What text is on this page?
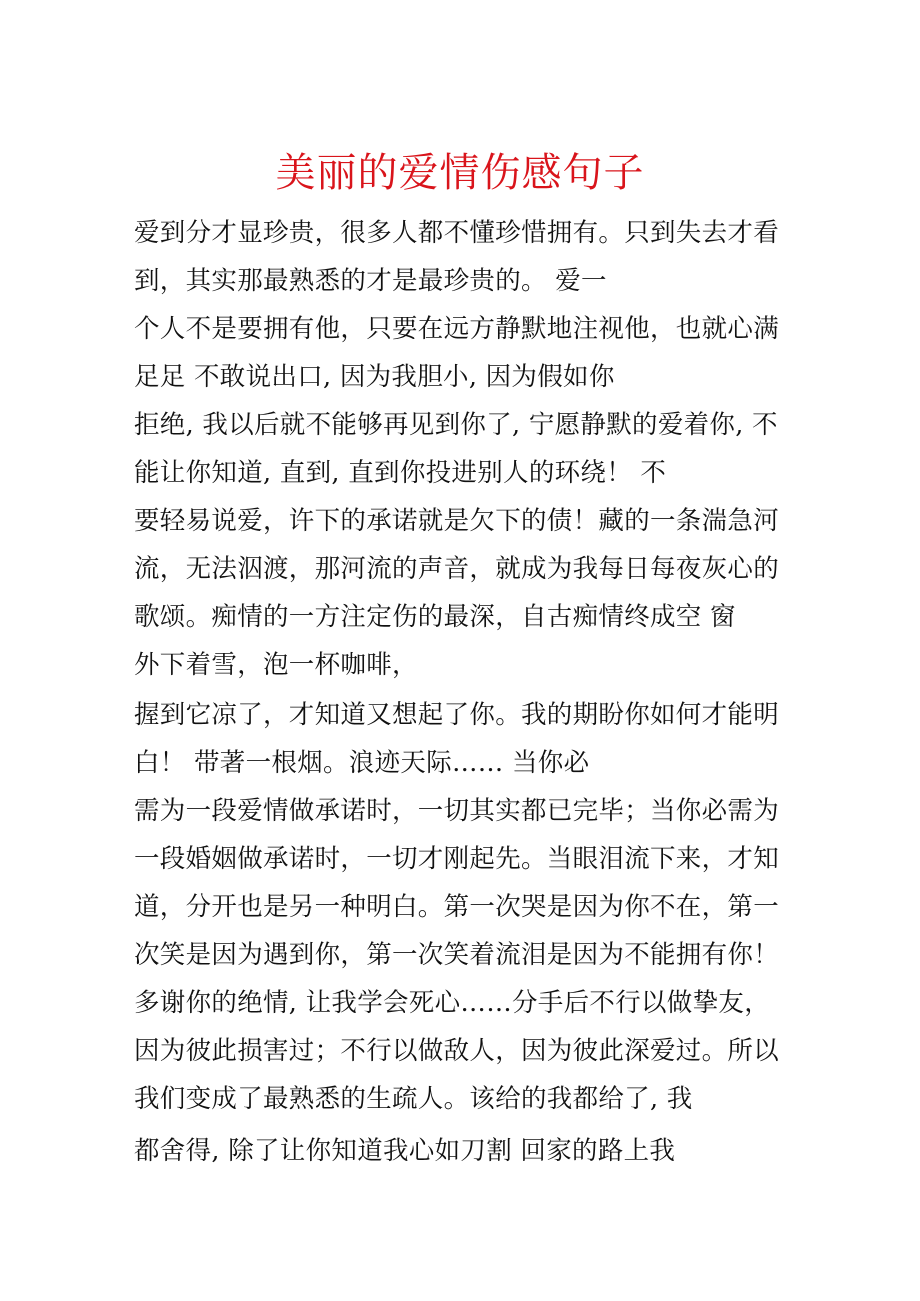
美丽的爱情伤感句子
爱到分才显珍贵，很多人都不懂珍惜拥有。只到失去才看
到，其实那最熟悉的才是最珍贵的。 爱一
个人不是要拥有他，只要在远方静默地注视他，也就心满
足足 不敢说出口, 因为我胆小, 因为假如你
拒绝, 我以后就不能够再见到你了, 宁愿静默的爱着你, 不
能让你知道, 直到, 直到你投进别人的环绕！ 不
要轻易说爱，许下的承诺就是欠下的债！藏的一条湍急河
流，无法泅渡，那河流的声音，就成为我每日每夜灰心的
歌颂。痴情的一方注定伤的最深，自古痴情终成空 窗
外下着雪，泡一杯咖啡，
握到它凉了，才知道又想起了你。我的期盼你如何才能明
白！ 带著一根烟。浪迹天际…… 当你必
需为一段爱情做承诺时，一切其实都已完毕；当你必需为
一段婚姻做承诺时，一切才刚起先。当眼泪流下来，才知
道，分开也是另一种明白。第一次哭是因为你不在，第一
次笑是因为遇到你，第一次笑着流泪是因为不能拥有你！
多谢你的绝情, 让我学会死心……分手后不行以做挚友，
因为彼此损害过；不行以做敌人，因为彼此深爱过。所以
我们变成了最熟悉的生疏人。该给的我都给了, 我
都舍得, 除了让你知道我心如刀割 回家的路上我
